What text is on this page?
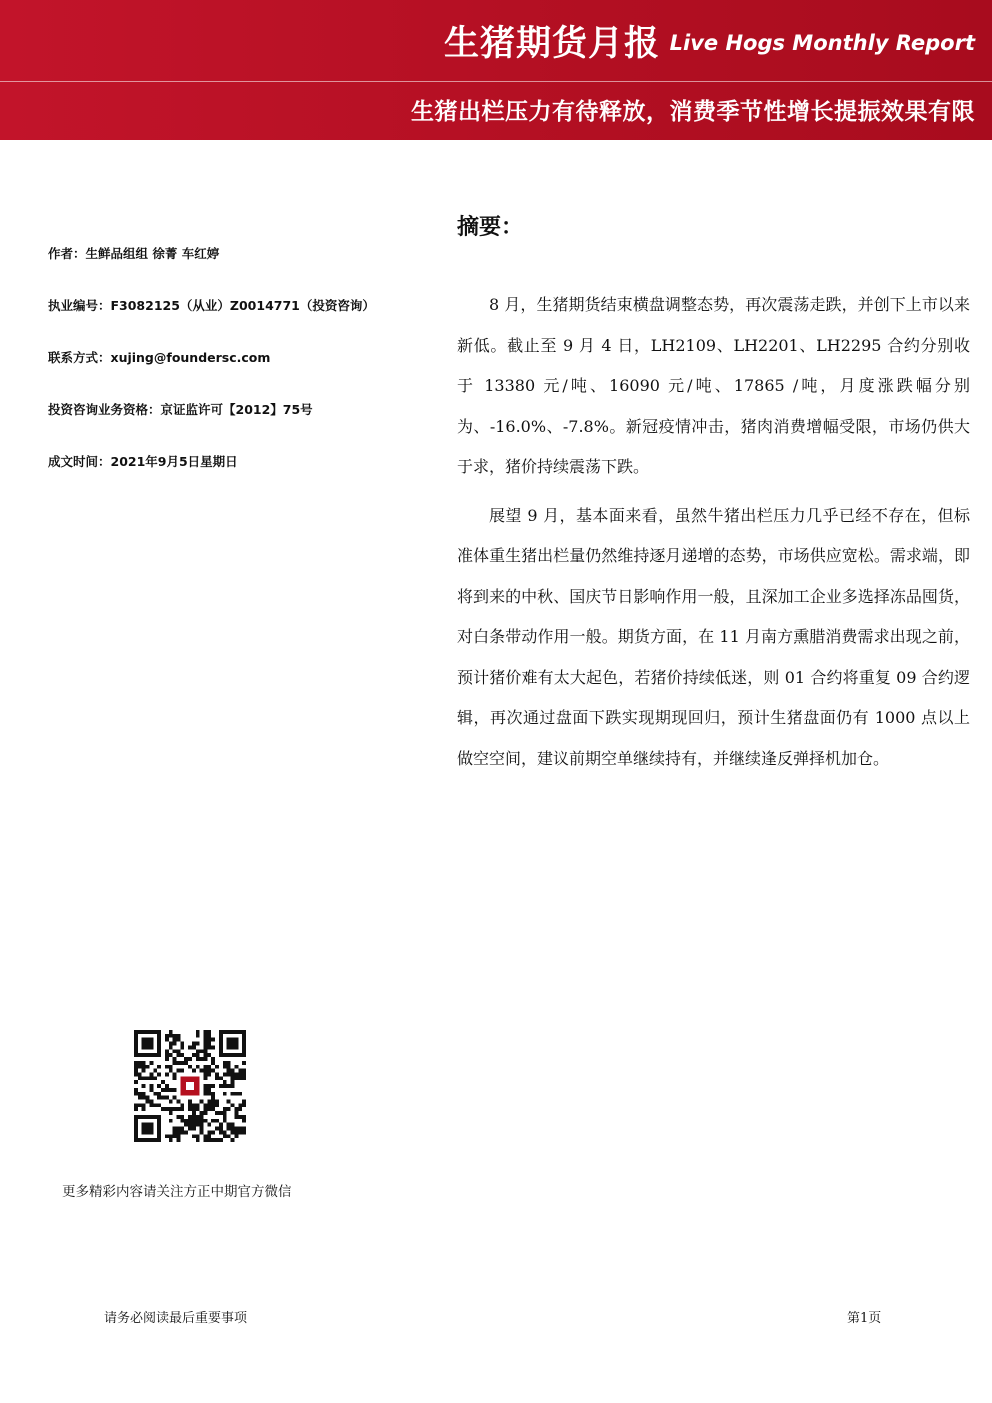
生猪期货月报 Live Hogs Monthly Report
生猪出栏压力有待释放，消费季节性增长提振效果有限
作者：生鲜品组组 徐菁 车红婷
执业编号：F3082125（从业）Z0014771（投资咨询）
联系方式：xujing@foundersc.com
投资咨询业务资格：京证监许可【2012】75号
成文时间：2021年9月5日星期日
摘要：

8 月，生猪期货结束横盘调整态势，再次震荡走跌，并创下上市以来新低。截止至 9 月 4 日，LH2109、LH2201、LH2295 合约分别收于 13380 元/吨、16090 元/吨、17865 /吨，月度涨跌幅分别为、-16.0%、-7.8%。新冠疫情冲击，猪肉消费增幅受限，市场仍供大于求，猪价持续震荡下跌。

展望 9 月，基本面来看，虽然牛猪出栏压力几乎已经不存在，但标准体重生猪出栏量仍然维持逐月递增的态势，市场供应宽松。需求端，即将到来的中秋、国庆节日影响作用一般，且深加工企业多选择冻品囤货，对白条带动作用一般。期货方面，在 11 月南方熏腊消费需求出现之前，预计猪价难有太大起色，若猪价持续低迷，则 01 合约将重复 09 合约逻辑，再次通过盘面下跌实现期现回归，预计生猪盘面仍有 1000 点以上做空空间，建议前期空单继续持有，并继续逢反弹择机加仓。

更多精彩内容请关注方正中期官方微信
请务必阅读最后重要事项	第1页
